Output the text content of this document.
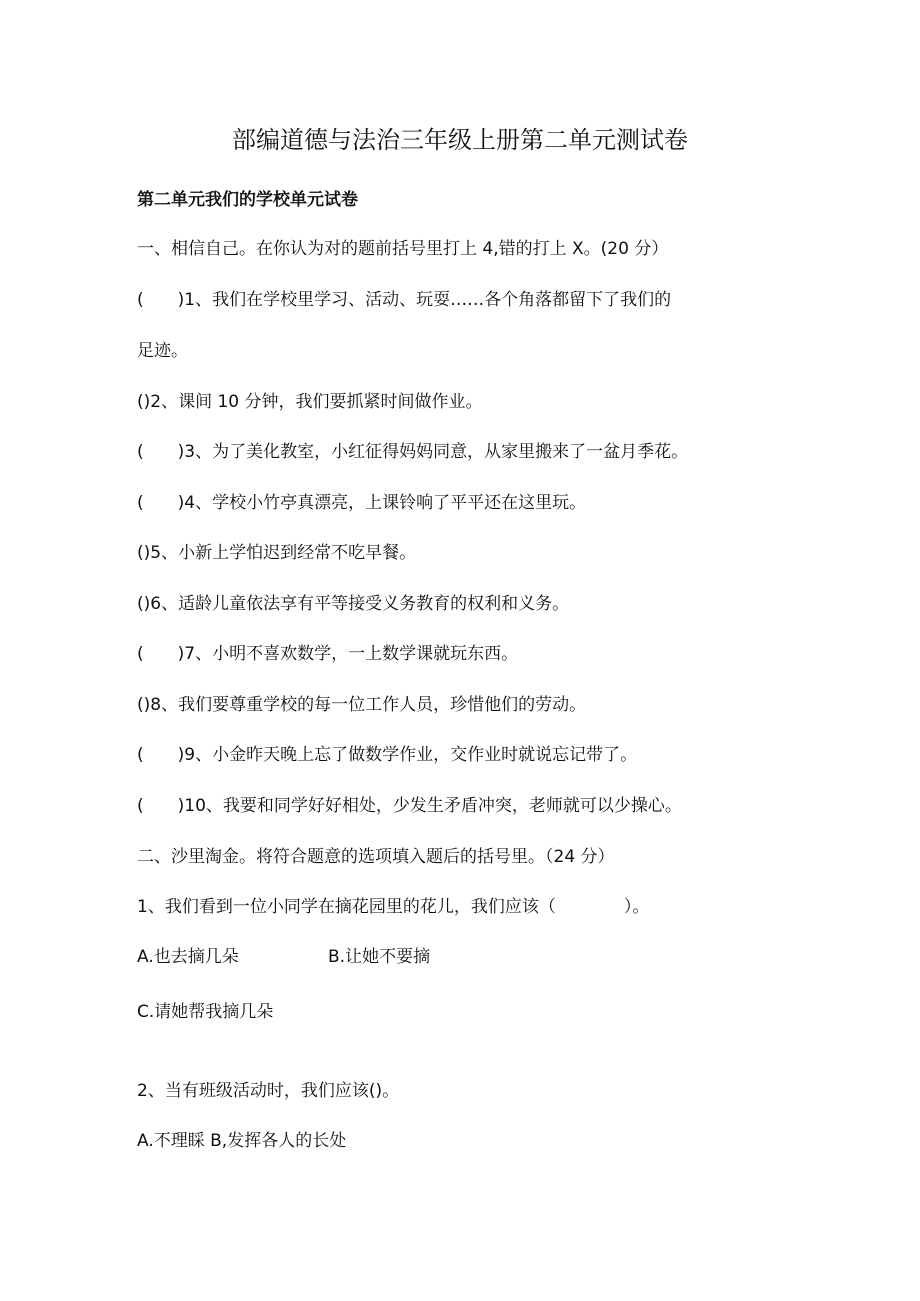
部编道德与法治三年级上册第二单元测试卷
第二单元我们的学校单元试卷
一、相信自己。在你认为对的题前括号里打上 4,错的打上 X。(20 分）
(　　)1、我们在学校里学习、活动、玩耍……各个角落都留下了我们的
足迹。
()2、课间 10 分钟，我们要抓紧时间做作业。
(　　)3、为了美化教室，小红征得妈妈同意，从家里搬来了一盆月季花。
(　　)4、学校小竹亭真漂亮，上课铃响了平平还在这里玩。
()5、小新上学怕迟到经常不吃早餐。
()6、适龄儿童依法享有平等接受义务教育的权利和义务。
(　　)7、小明不喜欢数学，一上数学课就玩东西。
()8、我们要尊重学校的每一位工作人员，珍惜他们的劳动。
(　　)9、小金昨天晚上忘了做数学作业，交作业时就说忘记带了。
(　　)10、我要和同学好好相处，少发生矛盾冲突，老师就可以少操心。
二、沙里淘金。将符合题意的选项填入题后的括号里。（24 分）
1、我们看到一位小同学在摘花园里的花儿，我们应该（　　　　）。
A.也去摘几朵	B.让她不要摘
C.请她帮我摘几朵
2、当有班级活动时，我们应该()。
A.不理睬 B,发挥各人的长处
